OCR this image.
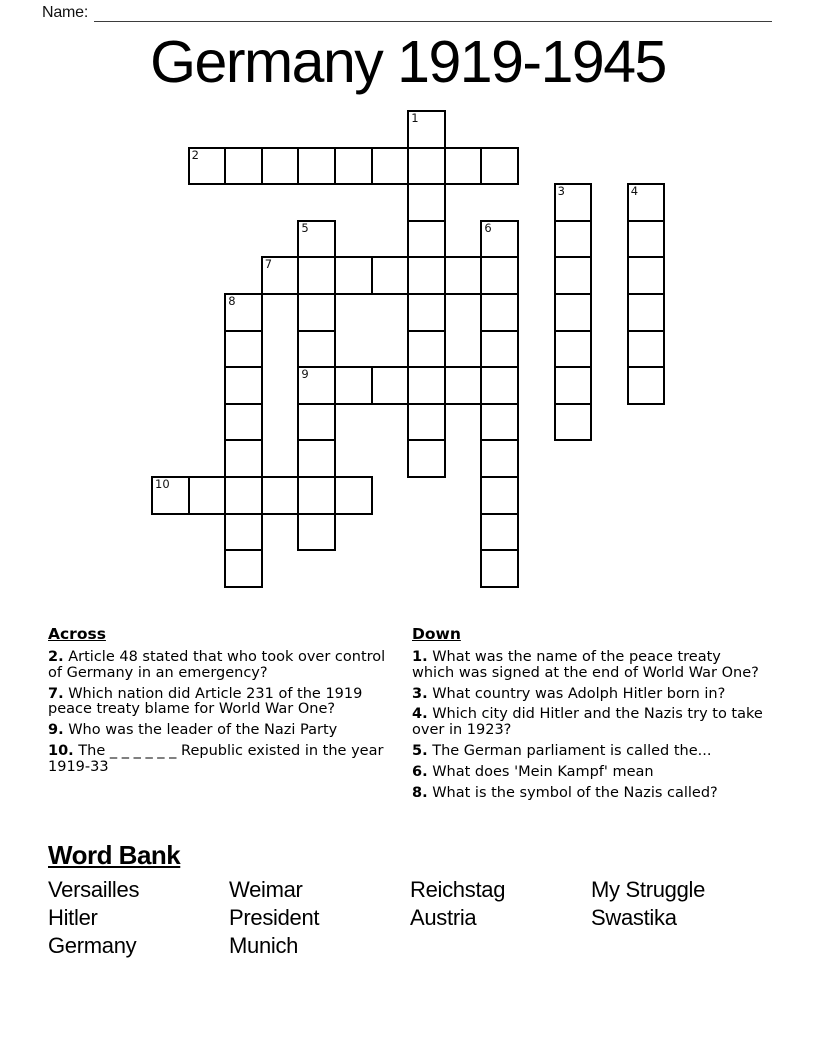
Name:
Germany 1919-1945
1
2
3	4
5	6
7
8
9
10
Across

2. Article 48 stated that who took over control of Germany in an emergency?

7. Which nation did Article 231 of the 1919 peace treaty blame for World War One?

9. Who was the leader of the Nazi Party

10. The _ _ _ _ _ _ Republic existed in the year 1919-33

Down

1. What was the name of the peace treaty which was signed at the end of World War One?

3. What country was Adolph Hitler born in?

4. Which city did Hitler and the Nazis try to take over in 1923?

5. The German parliament is called the...

6. What does 'Mein Kampf' mean

8. What is the symbol of the Nazis called?

Word Bank
Versailles
Hitler
Germany
Weimar
President
Munich
Reichstag
Austria
My Struggle
Swastika
